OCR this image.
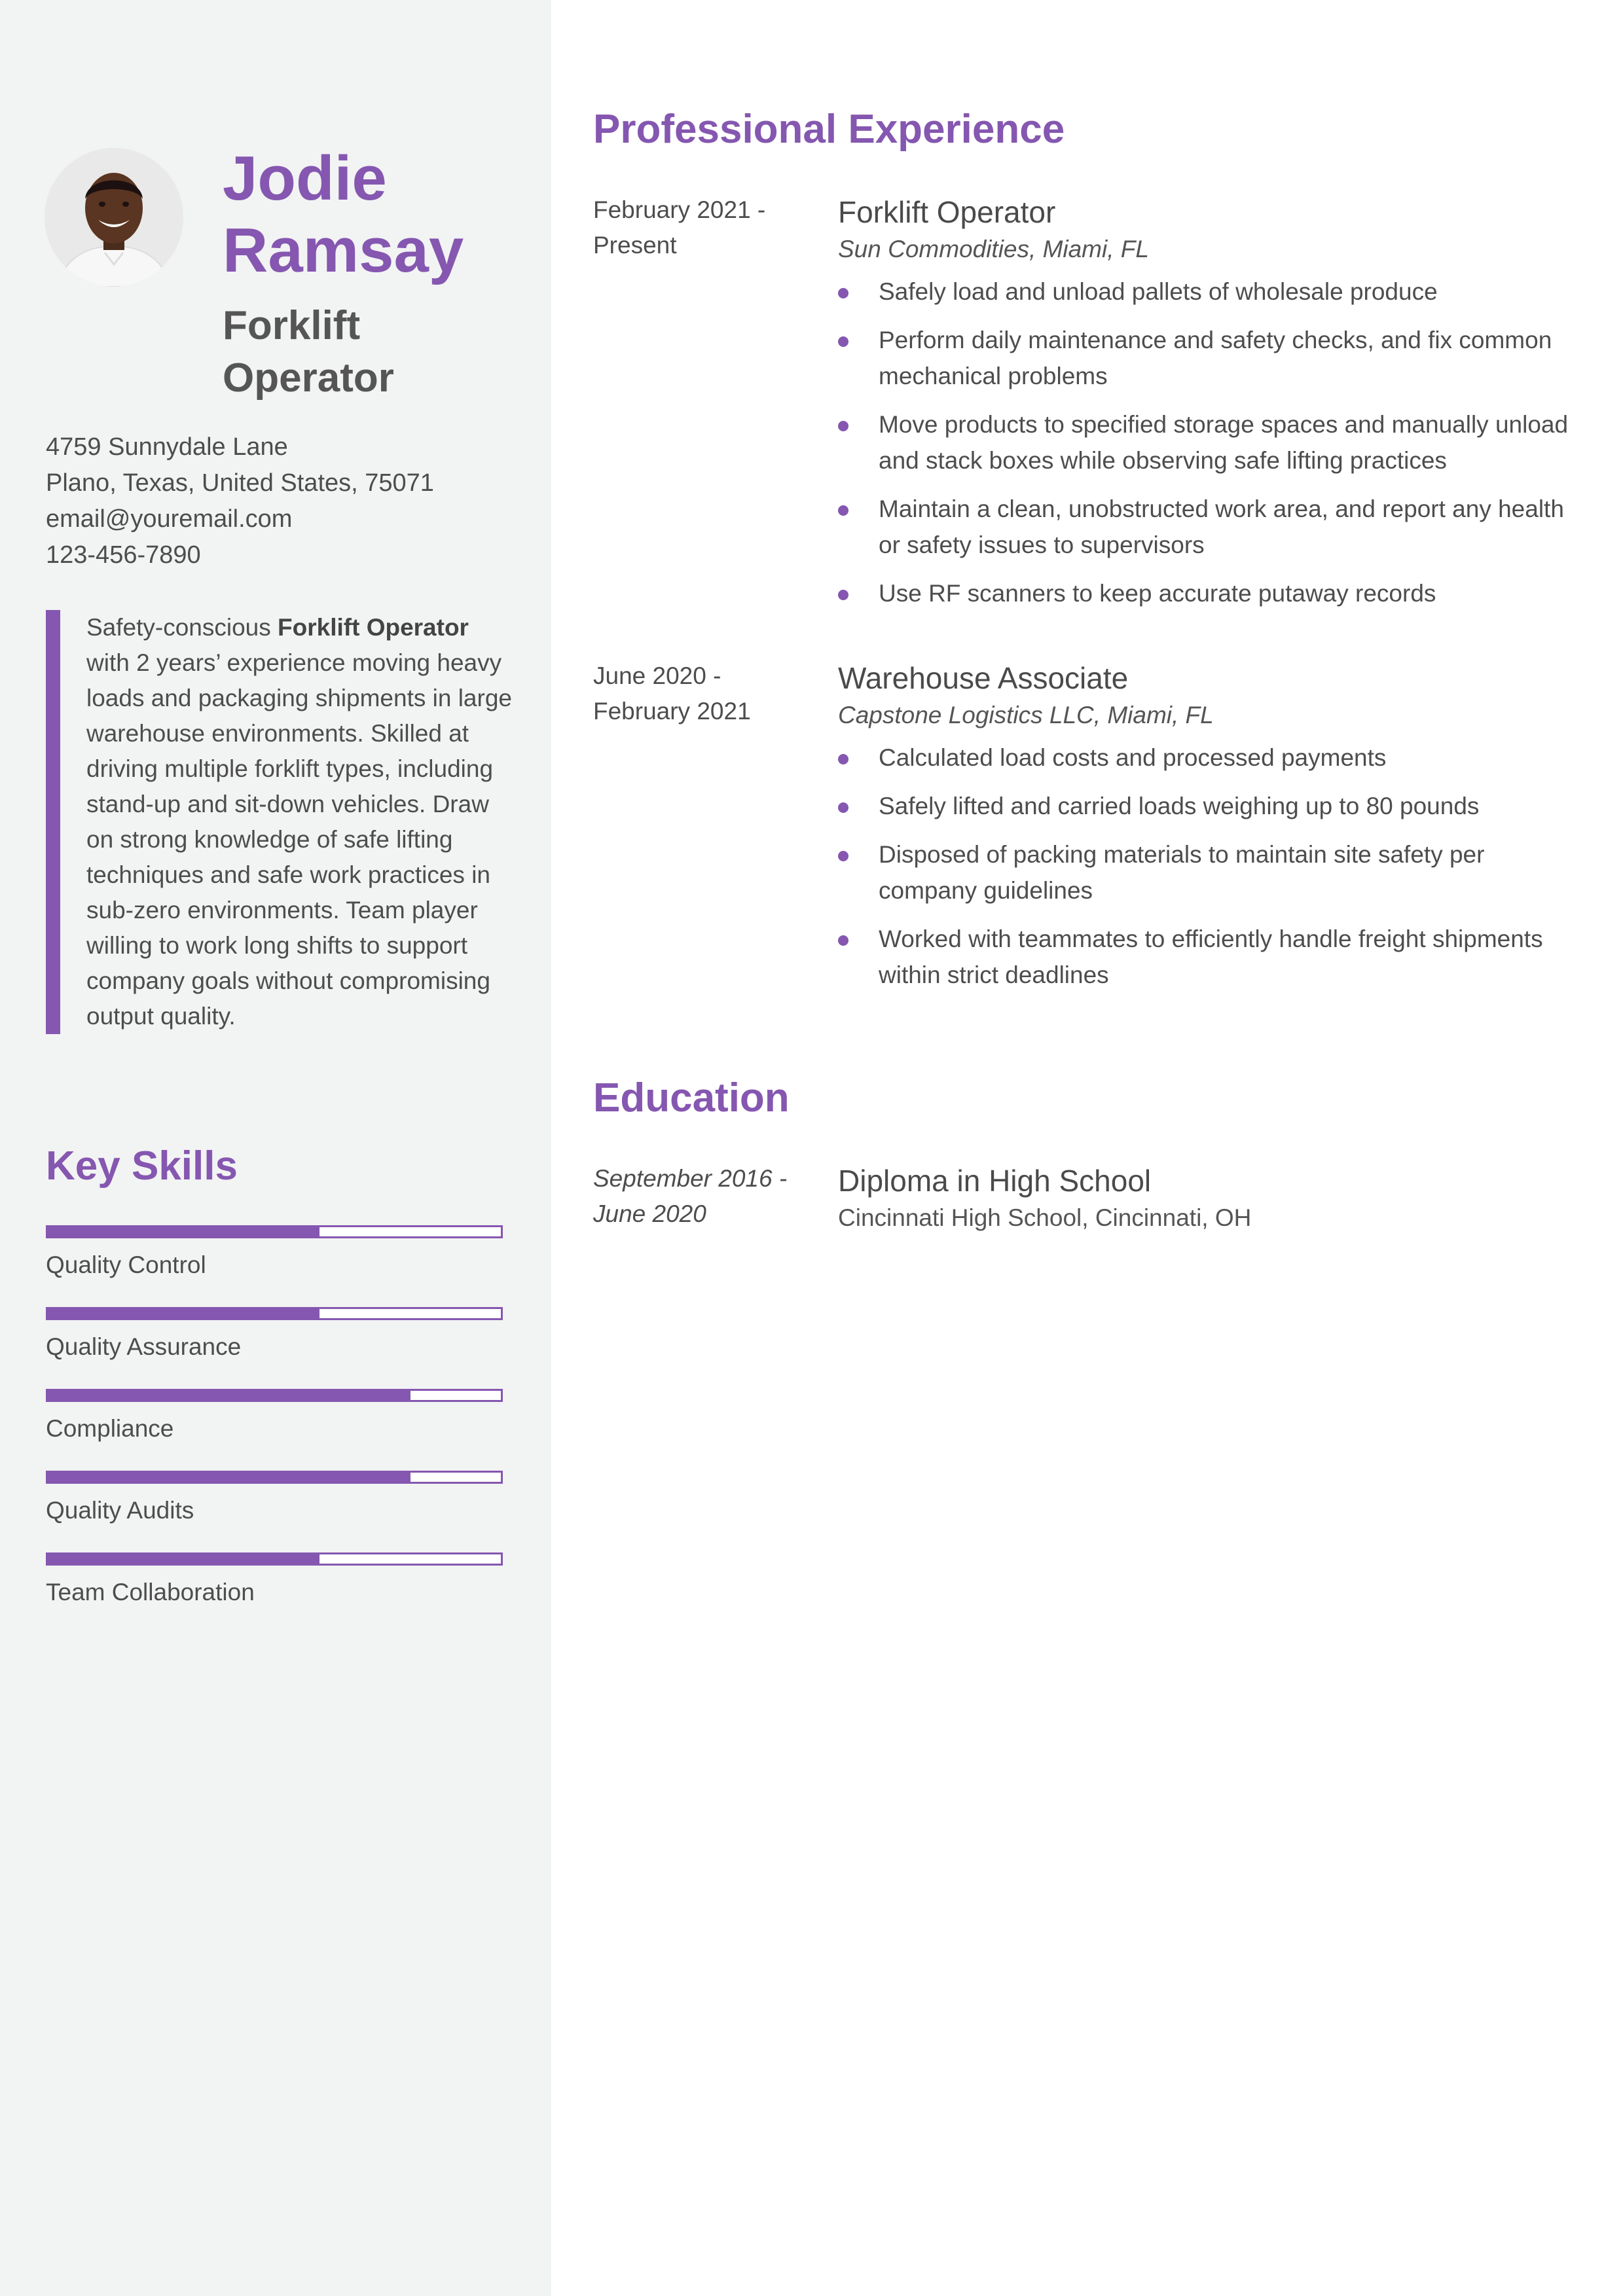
Jodie
Ramsay
Forklift
Operator
4759 Sunnydale Lane
Plano, Texas, United States, 75071
email@youremail.com
123-456-7890
Safety-conscious Forklift Operator with 2 years’ experience moving heavy loads and packaging shipments in large warehouse environments. Skilled at driving multiple forklift types, including stand-up and sit-down vehicles. Draw on strong knowledge of safe lifting techniques and safe work practices in sub-zero environments. Team player willing to work long shifts to support company goals without compromising output quality.
Key Skills
Quality Control
Quality Assurance
Compliance
Quality Audits
Team Collaboration
Professional Experience
February 2021 -
Present
Forklift Operator
Sun Commodities, Miami, FL
Safely load and unload pallets of wholesale produce
Perform daily maintenance and safety checks, and fix common mechanical problems
Move products to specified storage spaces and manually unload and stack boxes while observing safe lifting practices
Maintain a clean, unobstructed work area, and report any health or safety issues to supervisors
Use RF scanners to keep accurate putaway records
June 2020 -
February 2021
Warehouse Associate
Capstone Logistics LLC, Miami, FL
Calculated load costs and processed payments
Safely lifted and carried loads weighing up to 80 pounds
Disposed of packing materials to maintain site safety per company guidelines
Worked with teammates to efficiently handle freight shipments within strict deadlines
Education
September 2016 -
June 2020
Diploma in High School
Cincinnati High School, Cincinnati, OH
